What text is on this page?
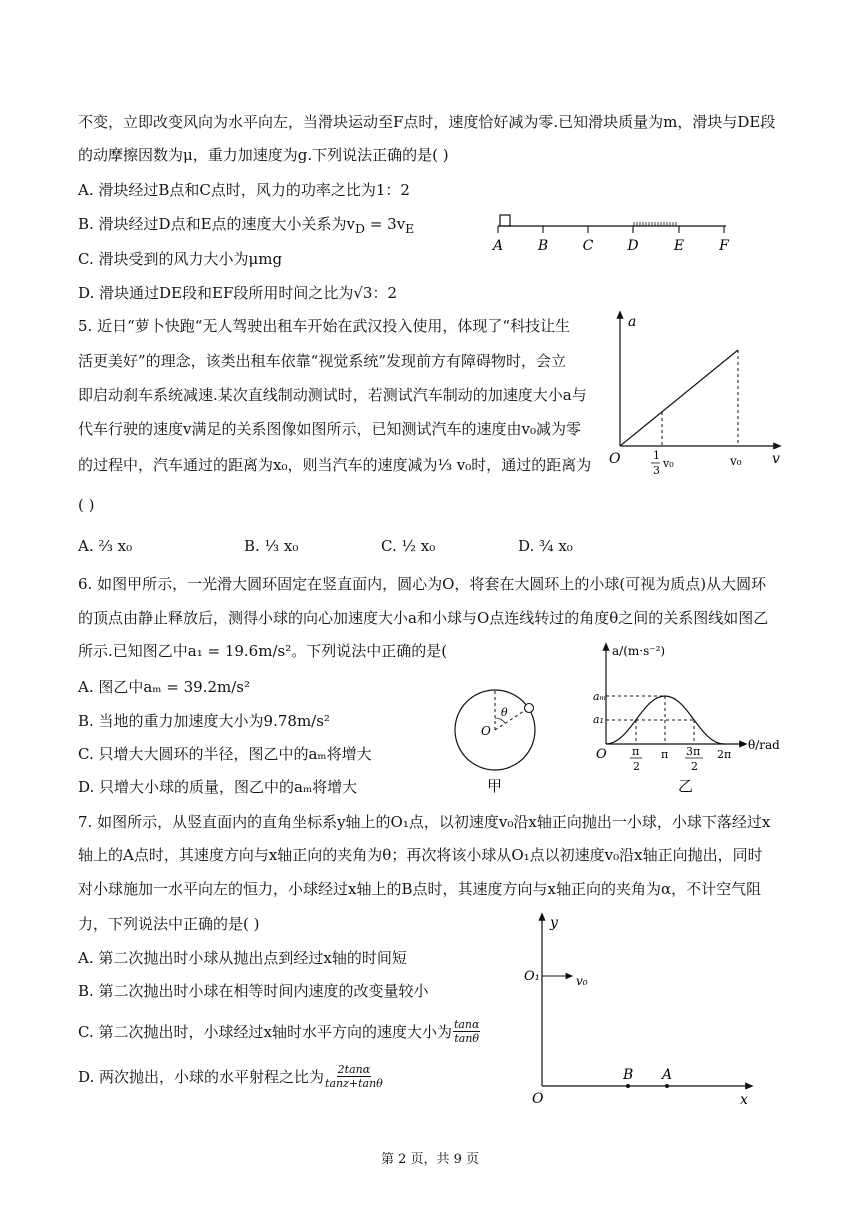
不变，立即改变风向为水平向左，当滑块运动至F点时，速度恰好减为零.已知滑块质量为m，滑块与DE段
的动摩擦因数为μ，重力加速度为g.下列说法正确的是( )
A. 滑块经过B点和C点时，风力的功率之比为1：2
B. 滑块经过D点和E点的速度大小关系为$v_D = 3v_E$
C. 滑块受到的风力大小为μmg
D. 滑块通过DE段和EF段所用时间之比为√3：2
A B C D	E	F
5. 近日“萝卜快跑“无人驾驶出租车开始在武汉投入使用，体现了“科技让生
活更美好”的理念，该类出租车依靠“视觉系统”发现前方有障碍物时，会立
即启动刹车系统减速.某次直线制动测试时，若测试汽车制动的加速度大小a与
代车行驶的速度v满足的关系图像如图所示，已知测试汽车的速度由v₀减为零
的过程中，汽车通过的距离为x₀，则当汽车的速度减为⅓ v₀时，通过的距离为
( )
A. ⅔ x₀	B. ⅓ x₀	C. ½ x₀	D. ¾ x₀
a
v
O	1
3
v₀	v₀
6. 如图甲所示，一光滑大圆环固定在竖直面内，圆心为O，将套在大圆环上的小球(可视为质点)从大圆环
的顶点由静止释放后，测得小球的向心加速度大小a和小球与O点连线转过的角度θ之间的关系图线如图乙
所示.已知图乙中a₁ = 19.6m/s²。下列说法中正确的是(
A. 图乙中aₘ = 39.2m/s²
B. 当地的重力加速度大小为9.78m/s²
C. 只增大大圆环的半径，图乙中的aₘ将增大
D. 只增大小球的质量，图乙中的aₘ将增大
θ
O
甲
a/(m·s⁻²)
θ/rad
aₘ
a₁
O π
2
π 3π
2
2π
乙
7. 如图所示，从竖直面内的直角坐标系y轴上的O₁点，以初速度v₀沿x轴正向抛出一小球，小球下落经过x
轴上的A点时，其速度方向与x轴正向的夹角为θ；再次将该小球从O₁点以初速度v₀沿x轴正向抛出，同时
对小球施加一水平向左的恒力，小球经过x轴上的B点时，其速度方向与x轴正向的夹角为α，不计空气阻
力，下列说法中正确的是( )
A. 第二次抛出时小球从抛出点到经过x轴的时间短
B. 第二次抛出时小球在相等时间内速度的改变量较小
C. 第二次抛出时，小球经过x轴时水平方向的速度大小为 $\frac{\tan\alpha}{\tan\theta}$
D. 两次抛出，小球的水平射程之比为 $\frac{2\tan\alpha}{\tan z+\tan\theta}$
y
x
O
O₁	v₀
B A
第 2 页，共 9 页
